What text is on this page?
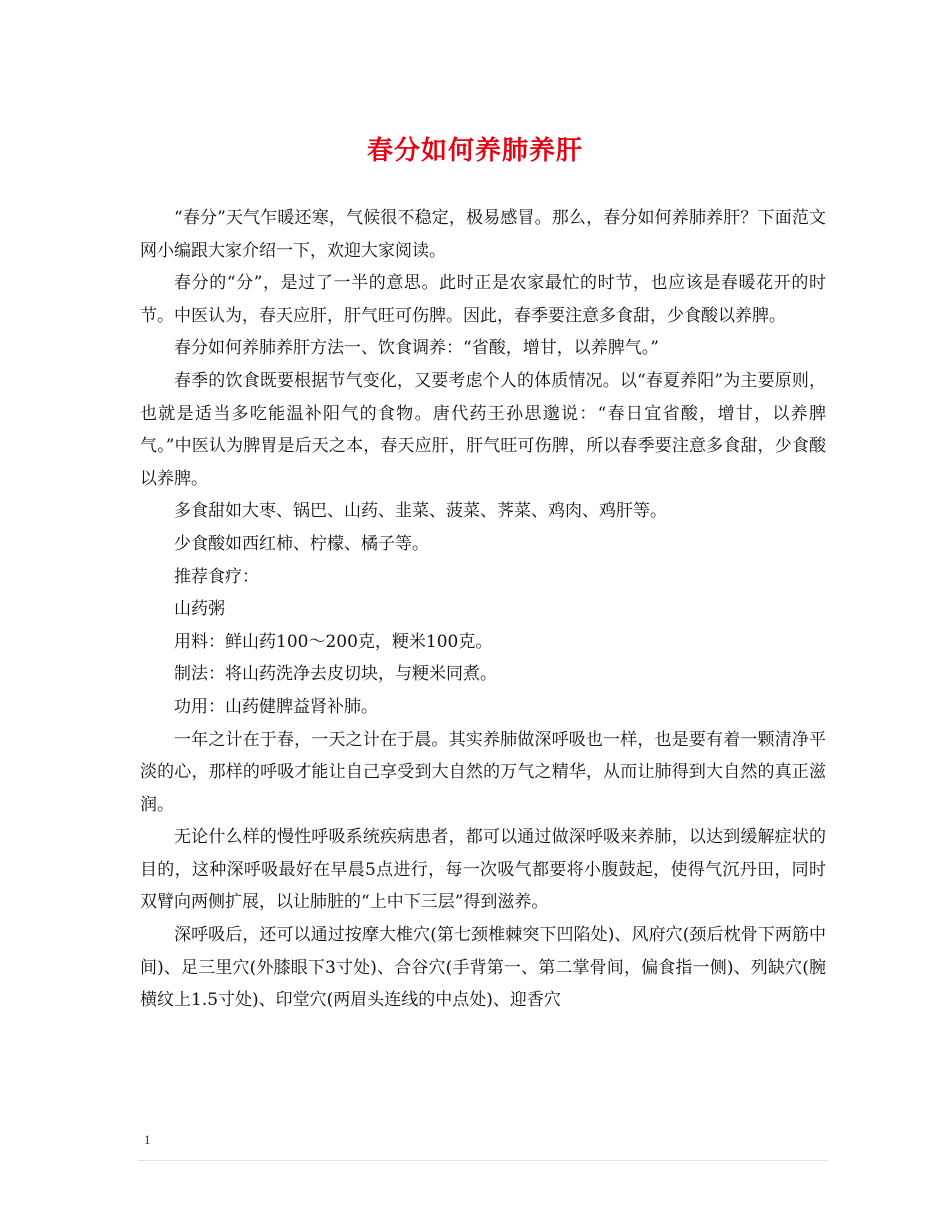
春分如何养肺养肝

“春分”天气乍暖还寒，气候很不稳定，极易感冒。那么，春分如何养肺养肝？下面范文网小编跟大家介绍一下，欢迎大家阅读。

春分的“分”，是过了一半的意思。此时正是农家最忙的时节，也应该是春暖花开的时节。中医认为，春天应肝，肝气旺可伤脾。因此，春季要注意多食甜，少食酸以养脾。

春分如何养肺养肝方法一、饮食调养：“省酸，增甘，以养脾气。”

春季的饮食既要根据节气变化，又要考虑个人的体质情况。以“春夏养阳”为主要原则，也就是适当多吃能温补阳气的食物。唐代药王孙思邈说：“春日宜省酸，增甘，以养脾气。”中医认为脾胃是后天之本，春天应肝，肝气旺可伤脾，所以春季要注意多食甜，少食酸以养脾。

多食甜如大枣、锅巴、山药、韭菜、菠菜、荠菜、鸡肉、鸡肝等。

少食酸如西红柿、柠檬、橘子等。

推荐食疗：

山药粥

用料：鲜山药100～200克，粳米100克。

制法：将山药洗净去皮切块，与粳米同煮。

功用：山药健脾益肾补肺。

一年之计在于春，一天之计在于晨。其实养肺做深呼吸也一样，也是要有着一颗清净平淡的心，那样的呼吸才能让自己享受到大自然的万气之精华，从而让肺得到大自然的真正滋润。

无论什么样的慢性呼吸系统疾病患者，都可以通过做深呼吸来养肺，以达到缓解症状的目的，这种深呼吸最好在早晨5点进行，每一次吸气都要将小腹鼓起，使得气沉丹田，同时双臂向两侧扩展，以让肺脏的“上中下三层”得到滋养。

深呼吸后，还可以通过按摩大椎穴(第七颈椎棘突下凹陷处)、风府穴(颈后枕骨下两筋中间)、足三里穴(外膝眼下3寸处)、合谷穴(手背第一、第二掌骨间，偏食指一侧)、列缺穴(腕横纹上1.5寸处)、印堂穴(两眉头连线的中点处)、迎香穴

1
